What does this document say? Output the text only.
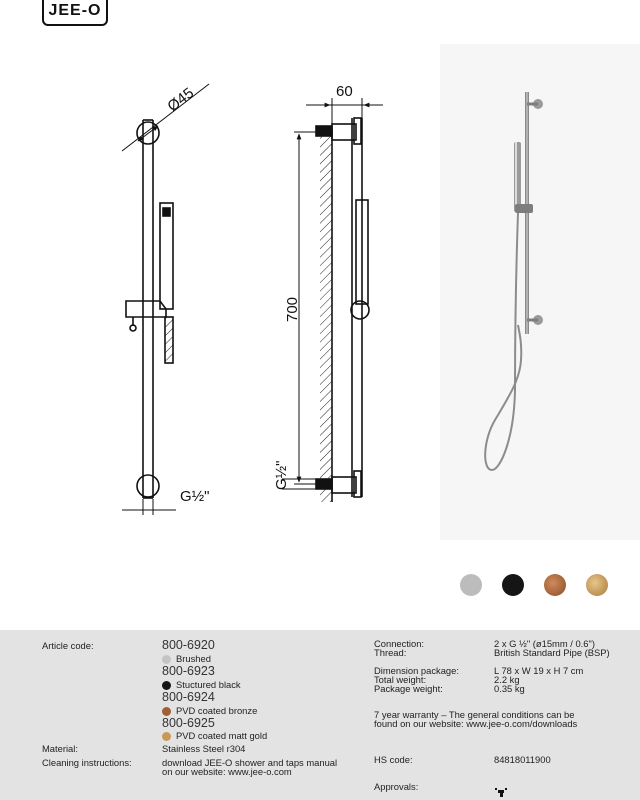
JEE-O
Ø45
G½"
60
700
G½"
Article code:	800-6920
Brushed
800-6923
Stuctured black
800-6924
PVD coated bronze
800-6925
PVD coated matt gold
Material:	Stainless Steel r304
Cleaning instructions:	download JEE-O shower and taps manual
on our website: www.jee-o.com
Connection:	2 x G ½" (ø15mm / 0.6")
Thread:	British Standard Pipe (BSP)
Dimension package:	L 78 x W 19 x H 7 cm
Total weight:	2.2 kg
Package weight:	0.35 kg
7 year warranty – The general conditions can be
found on our website: www.jee-o.com/downloads
HS code:	84818011900
Approvals:
